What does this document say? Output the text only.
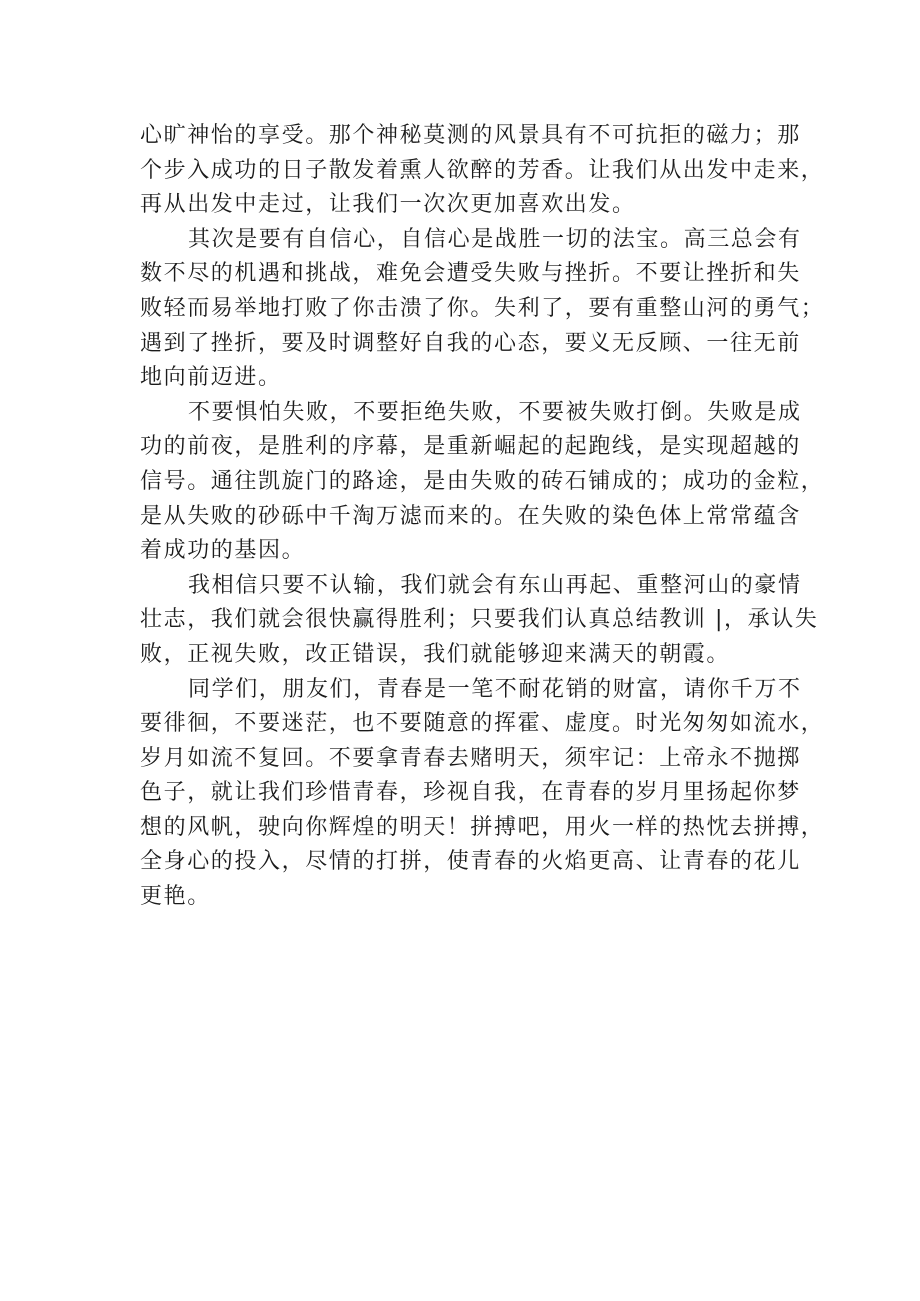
心旷神怡的享受。那个神秘莫测的风景具有不可抗拒的磁力；那
个步入成功的日子散发着熏人欲醉的芳香。让我们从出发中走来，
再从出发中走过，让我们一次次更加喜欢出发。
其次是要有自信心，自信心是战胜一切的法宝。高三总会有
数不尽的机遇和挑战，难免会遭受失败与挫折。不要让挫折和失
败轻而易举地打败了你击溃了你。失利了，要有重整山河的勇气；
遇到了挫折，要及时调整好自我的心态，要义无反顾、一往无前
地向前迈进。
不要惧怕失败，不要拒绝失败，不要被失败打倒。失败是成
功的前夜，是胜利的序幕，是重新崛起的起跑线，是实现超越的
信号。通往凯旋门的路途，是由失败的砖石铺成的；成功的金粒，
是从失败的砂砾中千淘万滤而来的。在失败的染色体上常常蕴含
着成功的基因。
我相信只要不认输，我们就会有东山再起、重整河山的豪情
壮志，我们就会很快赢得胜利；只要我们认真总结教训 |，承认失
败，正视失败，改正错误，我们就能够迎来满天的朝霞。
同学们，朋友们，青春是一笔不耐花销的财富，请你千万不
要徘徊，不要迷茫，也不要随意的挥霍、虚度。时光匆匆如流水，
岁月如流不复回。不要拿青春去赌明天，须牢记：上帝永不抛掷
色子，就让我们珍惜青春，珍视自我，在青春的岁月里扬起你梦
想的风帆，驶向你辉煌的明天！拼搏吧，用火一样的热忱去拼搏，
全身心的投入，尽情的打拼，使青春的火焰更高、让青春的花儿
更艳。
